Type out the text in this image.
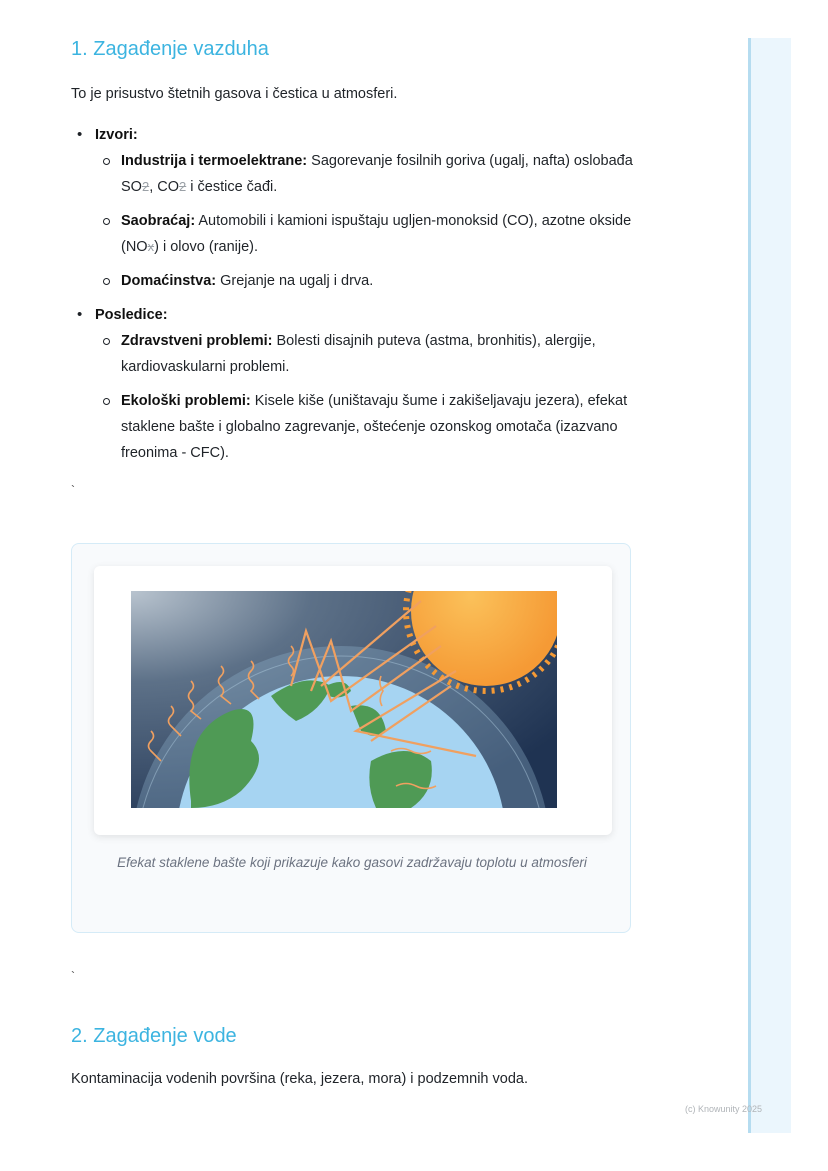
1. Zagađenje vazduha

To je prisustvo štetnih gasova i čestica u atmosferi.

• Izvori:
Industrija i termoelektrane: Sagorevanje fosilnih goriva (ugalj, nafta) oslobađa SO2, CO2 i čestice čađi.
Saobraćaj: Automobili i kamioni ispuštaju ugljen-monoksid (CO), azotne okside (NOx) i olovo (ranije).
Domaćinstva: Grejanje na ugalj i drva.
• Posledice:
Zdravstveni problemi: Bolesti disajnih puteva (astma, bronhitis), alergije, kardiovaskularni problemi.
Ekološki problemi: Kisele kiše (uništavaju šume i zakišeljavaju jezera), efekat staklene bašte i globalno zagrevanje, oštećenje ozonskog omotača (izazvano freonima - CFC).
`
Efekat staklene bašte koji prikazuje kako gasovi zadržavaju toplotu u atmosferi
`
2. Zagađenje vode

Kontaminacija vodenih površina (reka, jezera, mora) i podzemnih voda.

(c) Knowunity 2025
